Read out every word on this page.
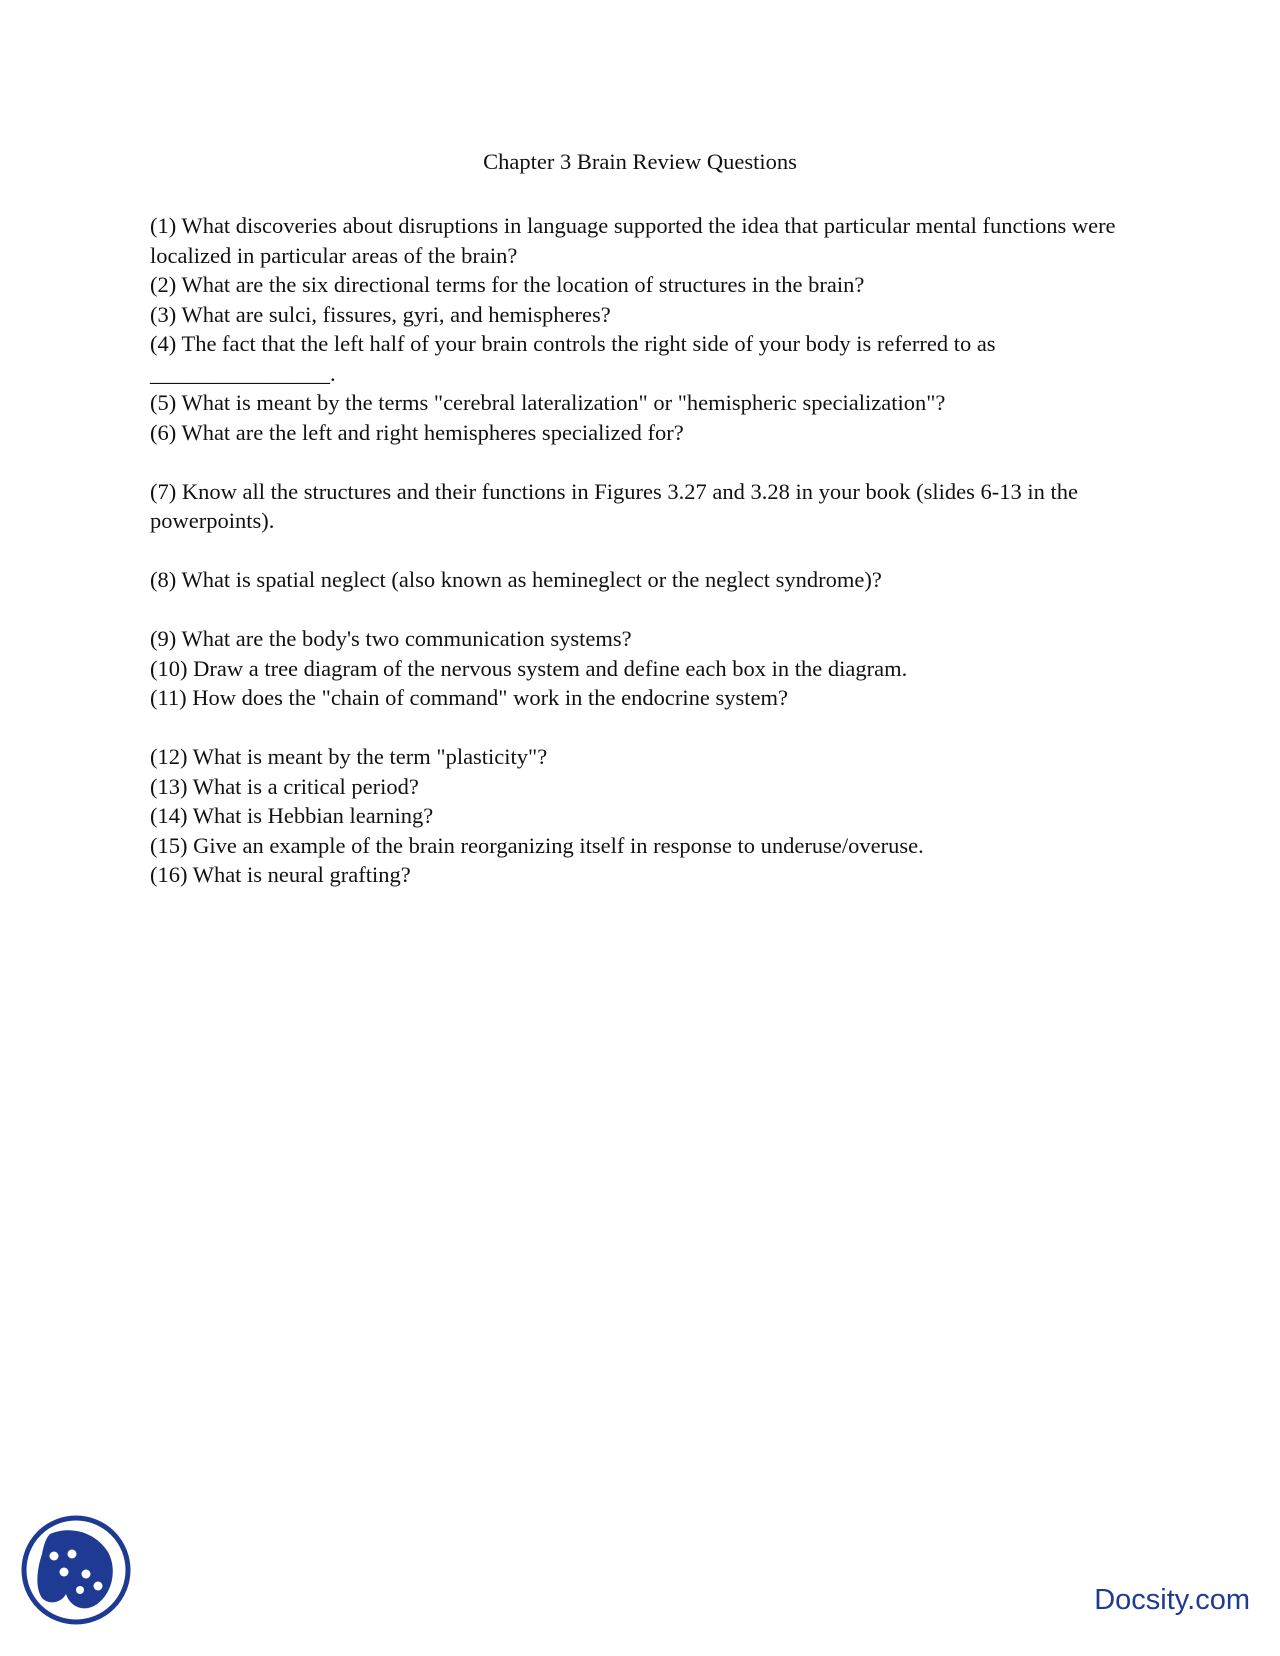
Chapter 3 Brain Review Questions

(1) What discoveries about disruptions in language supported the idea that particular mental functions were localized in particular areas of the brain?

(2) What are the six directional terms for the location of structures in the brain?

(3) What are sulci, fissures, gyri, and hemispheres?

(4) The fact that the left half of your brain controls the right side of your body is referred to as ________________.

(5) What is meant by the terms "cerebral lateralization" or "hemispheric specialization"?

(6) What are the left and right hemispheres specialized for?

(7) Know all the structures and their functions in Figures 3.27 and 3.28 in your book (slides 6-13 in the powerpoints).

(8) What is spatial neglect (also known as hemineglect or the neglect syndrome)?

(9) What are the body's two communication systems?

(10) Draw a tree diagram of the nervous system and define each box in the diagram.

(11) How does the "chain of command" work in the endocrine system?

(12) What is meant by the term "plasticity"?

(13) What is a critical period?

(14) What is Hebbian learning?

(15) Give an example of the brain reorganizing itself in response to underuse/overuse.

(16) What is neural grafting?

Docsity.com
